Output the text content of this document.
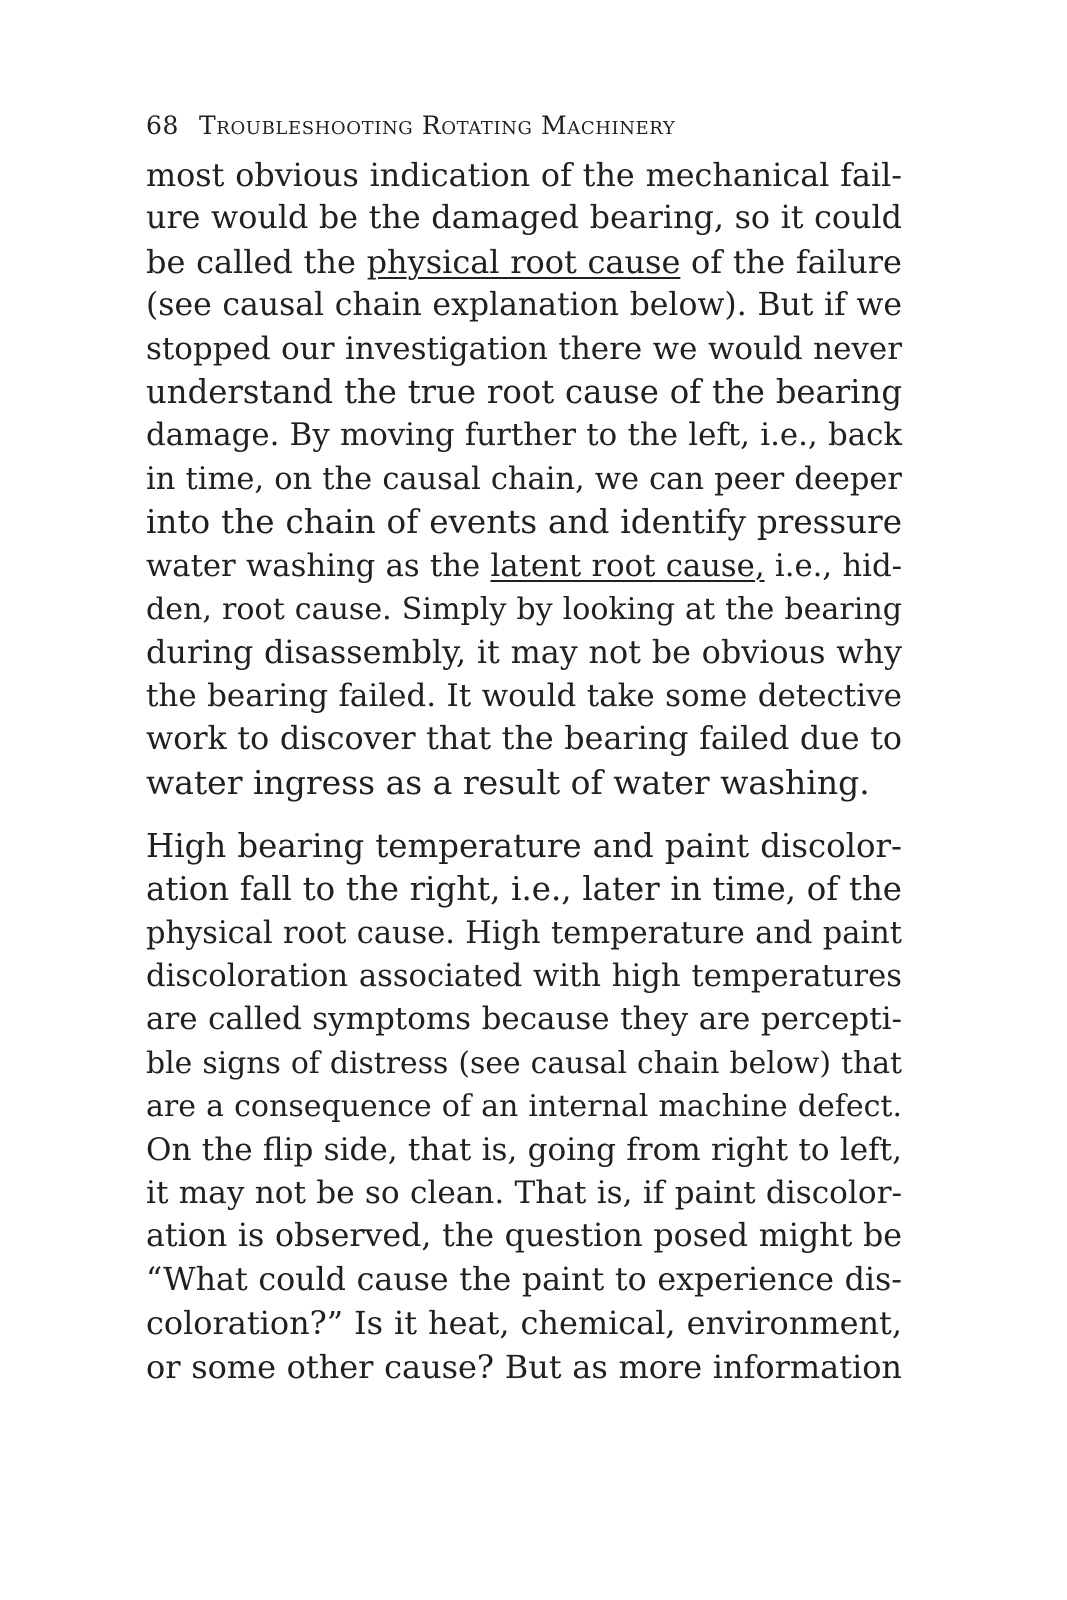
68 Troubleshooting Rotating Machinery
most obvious indication of the mechanical fail-
ure would be the damaged bearing, so it could
be called the physical root cause of the failure
(see causal chain explanation below). But if we
stopped our investigation there we would never
understand the true root cause of the bearing
damage. By moving further to the left, i.e., back
in time, on the causal chain, we can peer deeper
into the chain of events and identify pressure
water washing as the latent root cause, i.e., hid-
den, root cause. Simply by looking at the bearing
during disassembly, it may not be obvious why
the bearing failed. It would take some detective
work to discover that the bearing failed due to
water ingress as a result of water washing.
High bearing temperature and paint discolor-
ation fall to the right, i.e., later in time, of the
physical root cause. High temperature and paint
discoloration associated with high temperatures
are called symptoms because they are percepti-
ble signs of distress (see causal chain below) that
are a consequence of an internal machine defect.
On the flip side, that is, going from right to left,
it may not be so clean. That is, if paint discolor-
ation is observed, the question posed might be
“What could cause the paint to experience dis-
coloration?” Is it heat, chemical, environment,
or some other cause? But as more information
